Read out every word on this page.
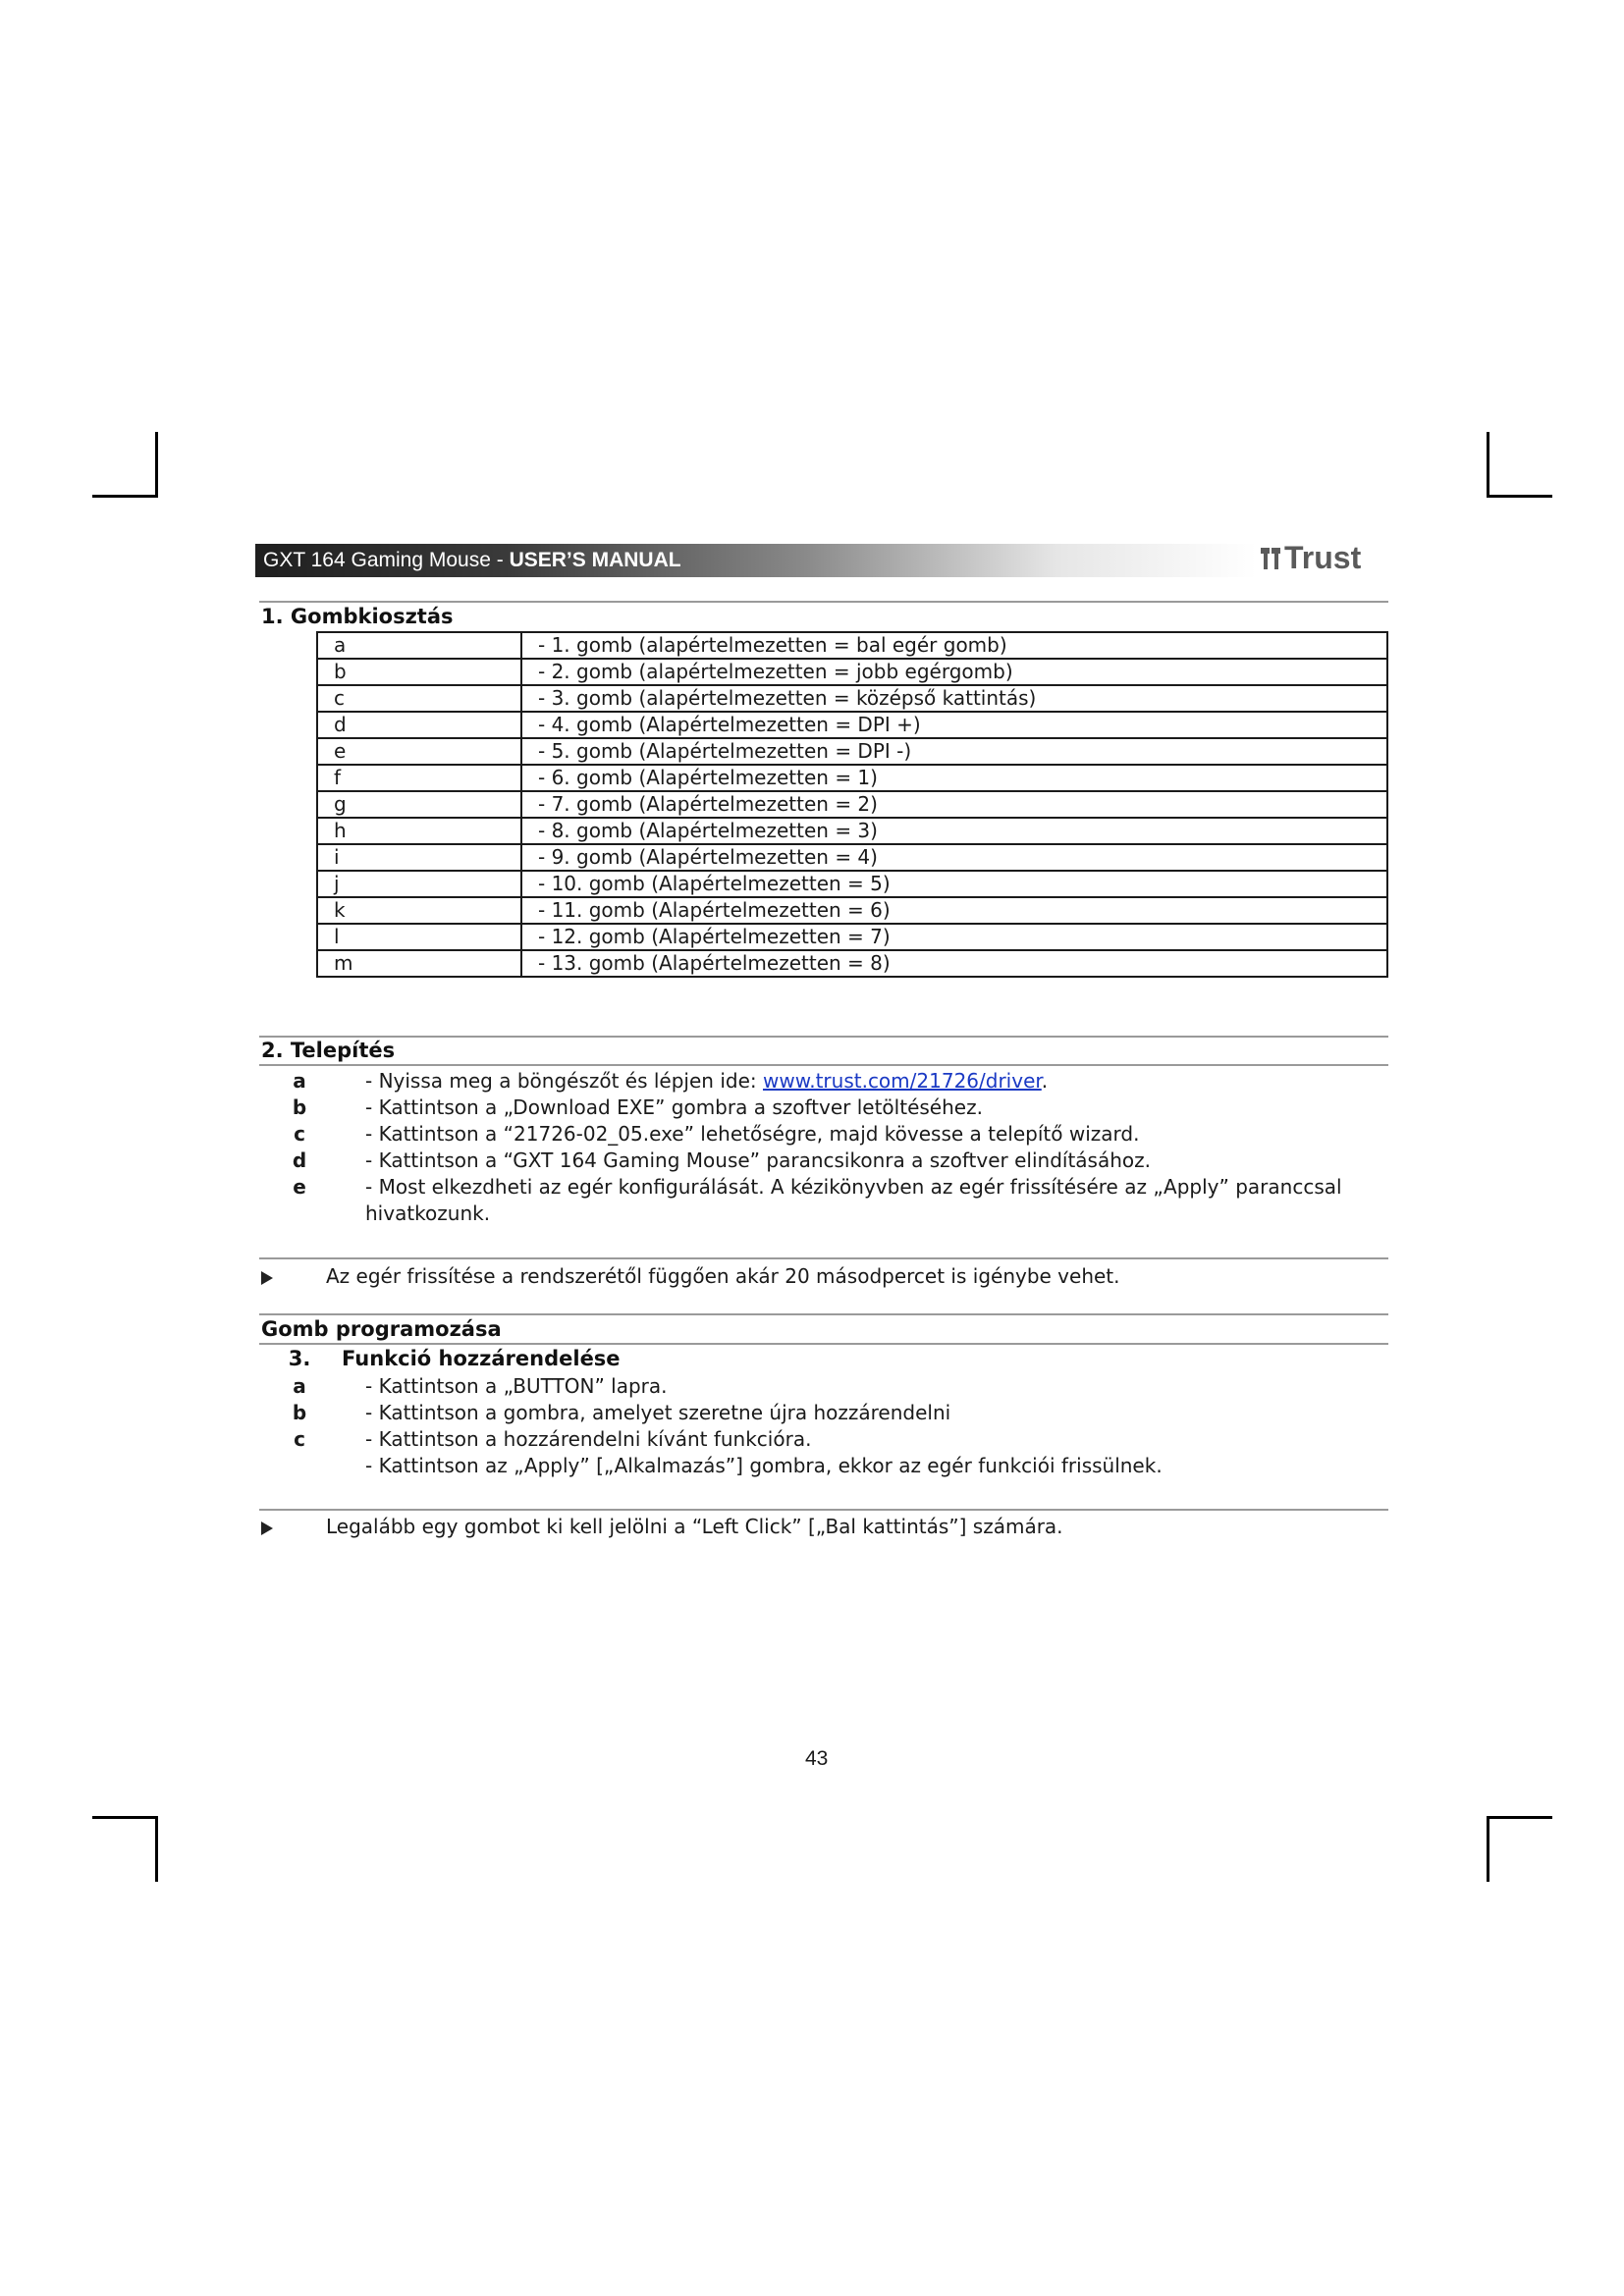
GXT 164 Gaming Mouse - USER’S MANUAL	Trust
1. Gombkiosztás
a	- 1. gomb (alapértelmezetten = bal egér gomb)
b	- 2. gomb (alapértelmezetten = jobb egérgomb)
c	- 3. gomb (alapértelmezetten = középső kattintás)
d	- 4. gomb (Alapértelmezetten = DPI +)
e	- 5. gomb (Alapértelmezetten = DPI -)
f	- 6. gomb (Alapértelmezetten = 1)
g	- 7. gomb (Alapértelmezetten = 2)
h	- 8. gomb (Alapértelmezetten = 3)
i	- 9. gomb (Alapértelmezetten = 4)
j	- 10. gomb (Alapértelmezetten = 5)
k	- 11. gomb (Alapértelmezetten = 6)
l	- 12. gomb (Alapértelmezetten = 7)
m	- 13. gomb (Alapértelmezetten = 8)
2. Telepítés
a	- Nyissa meg a böngészőt és lépjen ide: www.trust.com/21726/driver.
b	- Kattintson a „Download EXE” gombra a szoftver letöltéséhez.
c	- Kattintson a “21726-02_05.exe” lehetőségre, majd kövesse a telepítő wizard.
d	- Kattintson a “GXT 164 Gaming Mouse” parancsikonra a szoftver elindításához.
e	- Most elkezdheti az egér konfigurálását. A kézikönyvben az egér frissítésére az „Apply” paranccsal
hivatkozunk.
Az egér frissítése a rendszerétől függően akár 20 másodpercet is igénybe vehet.
Gomb programozása
3. Funkció hozzárendelése
a	- Kattintson a „BUTTON” lapra.
b	- Kattintson a gombra, amelyet szeretne újra hozzárendelni
c	- Kattintson a hozzárendelni kívánt funkcióra.
- Kattintson az „Apply” [„Alkalmazás”] gombra, ekkor az egér funkciói frissülnek.
Legalább egy gombot ki kell jelölni a “Left Click” [„Bal kattintás”] számára.
43
